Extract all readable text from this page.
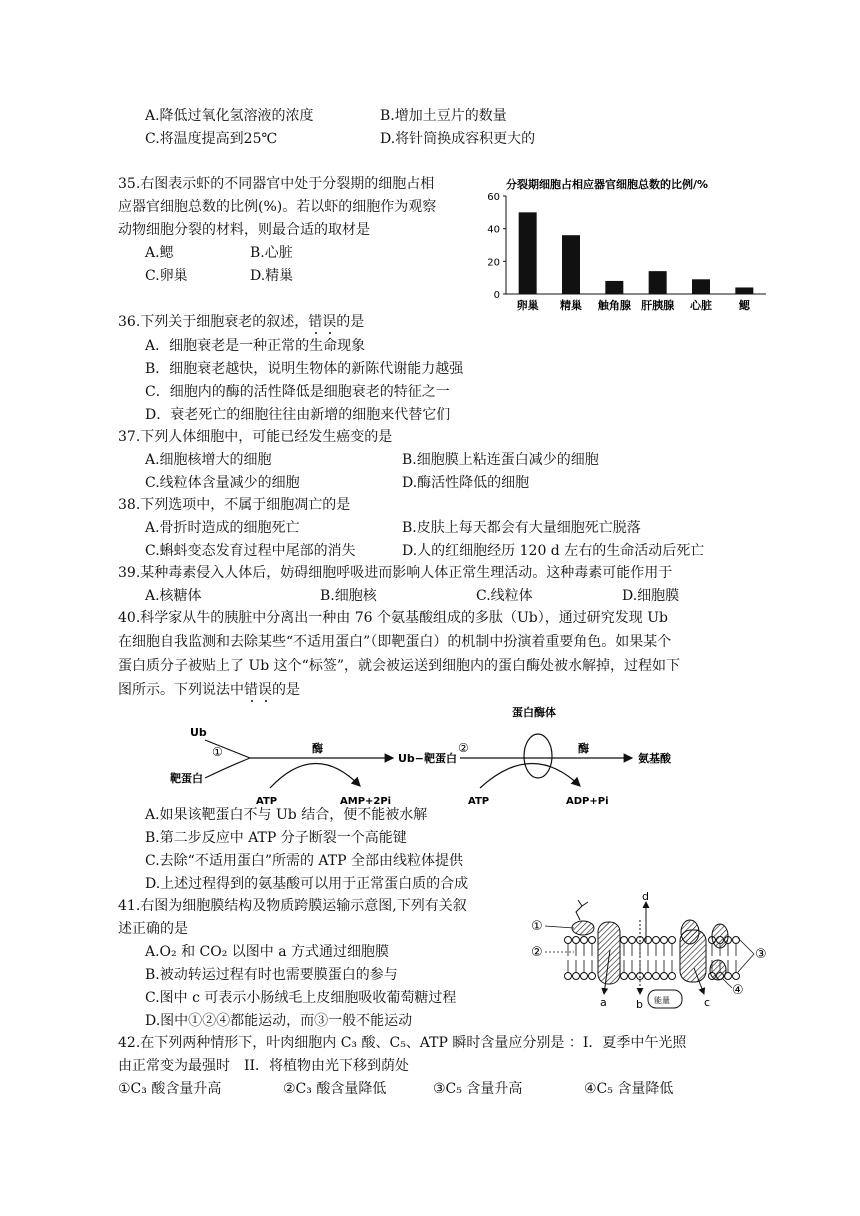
A.降低过氧化氢溶液的浓度	B.增加土豆片的数量
C.将温度提高到25℃	D.将针筒换成容积更大的
35.右图表示虾的不同器官中处于分裂期的细胞占相
应器官细胞总数的比例(%)。若以虾的细胞作为观察
动物细胞分裂的材料，则最合适的取材是
A.鳃	B.心脏
C.卵巢	D.精巢
分裂期细胞占相应器官细胞总数的比例/%
0
20
40
60
卵巢 精巢 触角腺 肝胰腺 心脏 鳃
36.下列关于细胞衰老的叙述，错误的是
A．细胞衰老是一种正常的生命现象
B．细胞衰老越快，说明生物体的新陈代谢能力越强
C．细胞内的酶的活性降低是细胞衰老的特征之一
D．衰老死亡的细胞往往由新增的细胞来代替它们
37.下列人体细胞中，可能已经发生癌变的是
A.细胞核增大的细胞	B.细胞膜上粘连蛋白减少的细胞
C.线粒体含量减少的细胞	D.酶活性降低的细胞
38.下列选项中，不属于细胞凋亡的是
A.骨折时造成的细胞死亡	B.皮肤上每天都会有大量细胞死亡脱落
C.蝌蚪变态发育过程中尾部的消失	D.人的红细胞经历 120 d 左右的生命活动后死亡
39.某种毒素侵入人体后，妨碍细胞呼吸进而影响人体正常生理活动。这种毒素可能作用于
A.核糖体	B.细胞核	C.线粒体	D.细胞膜
40.科学家从牛的胰脏中分离出一种由 76 个氨基酸组成的多肽（Ub），通过研究发现 Ub
在细胞自我监测和去除某些“不适用蛋白”（即靶蛋白）的机制中扮演着重要角色。如果某个
蛋白质分子被贴上了 Ub 这个“标签”，就会被运送到细胞内的蛋白酶处被水解掉，过程如下
图所示。下列说法中错误的是
Ub
靶蛋白
①	酶
ATP	AMP+2Pi
Ub−靶蛋白
②
蛋白酶体
酶
ATP	ADP+Pi
氨基酸
A.如果该靶蛋白不与 Ub 结合，便不能被水解
B.第二步反应中 ATP 分子断裂一个高能键
C.去除“不适用蛋白”所需的 ATP 全部由线粒体提供
D.上述过程得到的氨基酸可以用于正常蛋白质的合成
41.右图为细胞膜结构及物质跨膜运输示意图,下列有关叙
述正确的是
A.O₂ 和 CO₂ 以图中 a 方式通过细胞膜
B.被动转运过程有时也需要膜蛋白的参与
C.图中 c 可表示小肠绒毛上皮细胞吸收葡萄糖过程
D.图中①②④都能运动，而③一般不能运动
能量
a	b	c
d
①
②	③
④
42.在下列两种情形下，叶肉细胞内 C₃ 酸、C₅、ATP 瞬时含量应分别是 ：I．夏季中午光照
由正常变为最强时　II．将植物由光下移到荫处
①C₃ 酸含量升高	②C₃ 酸含量降低	③C₅ 含量升高	④C₅ 含量降低
